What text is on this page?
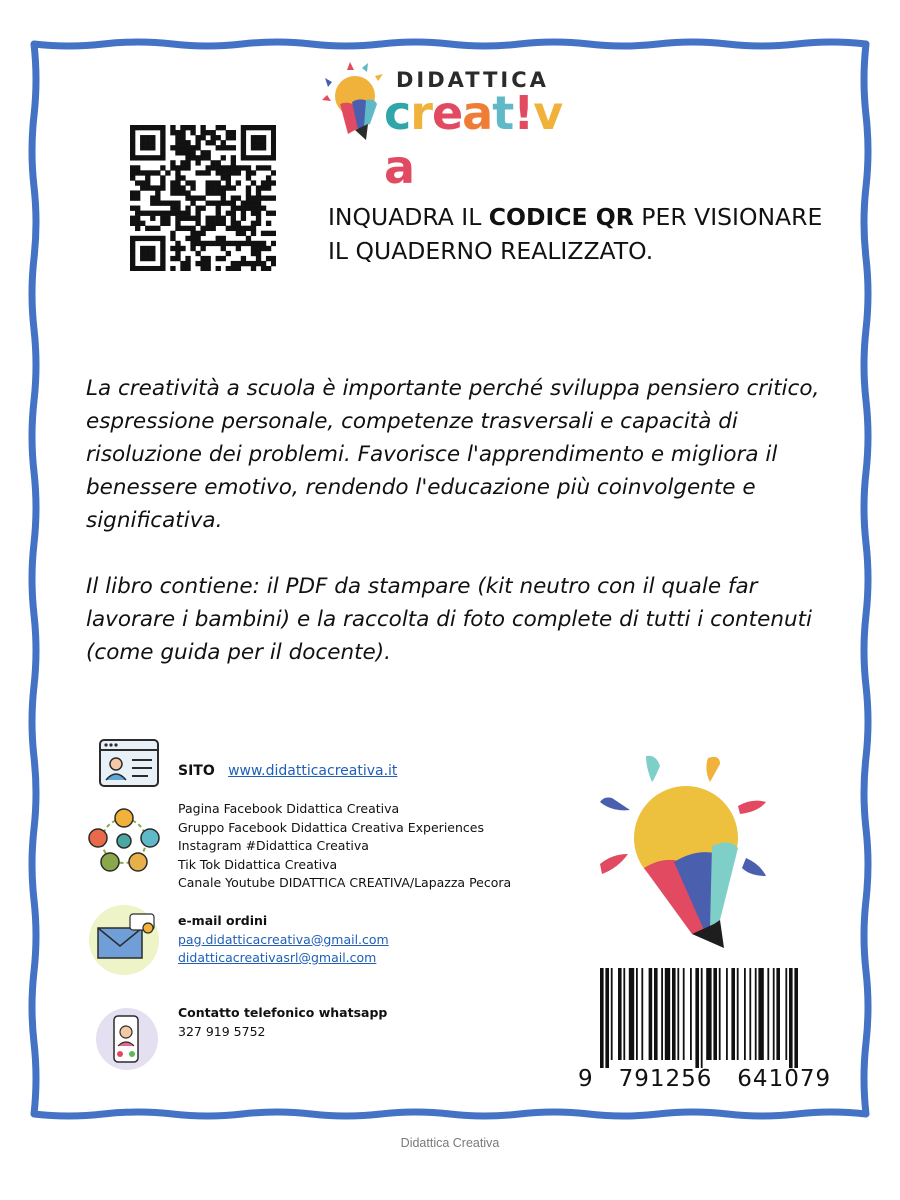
DIDATTICA
creat!va
INQUADRA IL CODICE QR PER VISIONARE IL QUADERNO REALIZZATO.

La creatività a scuola è importante perché sviluppa pensiero critico, espressione personale, competenze trasversali e capacità di risoluzione dei problemi. Favorisce l'apprendimento e migliora il benessere emotivo, rendendo l'educazione più coinvolgente e significativa.

Il libro contiene: il PDF da stampare (kit neutro con il quale far lavorare i bambini) e la raccolta di foto complete di tutti i contenuti (come guida per il docente).

SITO www.didatticacreativa.it
Pagina Facebook Didattica Creativa
Gruppo Facebook Didattica Creativa Experiences
Instagram #Didattica Creativa
Tik Tok Didattica Creativa
Canale Youtube DIDATTICA CREATIVA/Lapazza Pecora
e-mail ordini
pag.didatticacreativa@gmail.com
didatticacreativasrl@gmail.com
Contatto telefonico whatsapp
327 919 5752
9   791256   641079
Didattica Creativa
